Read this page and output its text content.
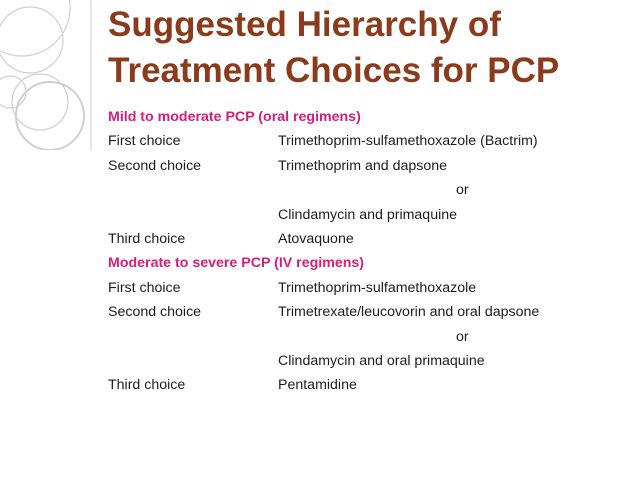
Suggested Hierarchy of
Treatment Choices for PCP
Mild to moderate PCP (oral regimens)
First choice	Trimethoprim-sulfamethoxazole (Bactrim)
Second choice	Trimethoprim and dapsone
or
Clindamycin and primaquine
Third choice	Atovaquone
Moderate to severe PCP (IV regimens)
First choice	Trimethoprim-sulfamethoxazole
Second choice	Trimetrexate/leucovorin and oral dapsone
or
Clindamycin and oral primaquine
Third choice	Pentamidine
